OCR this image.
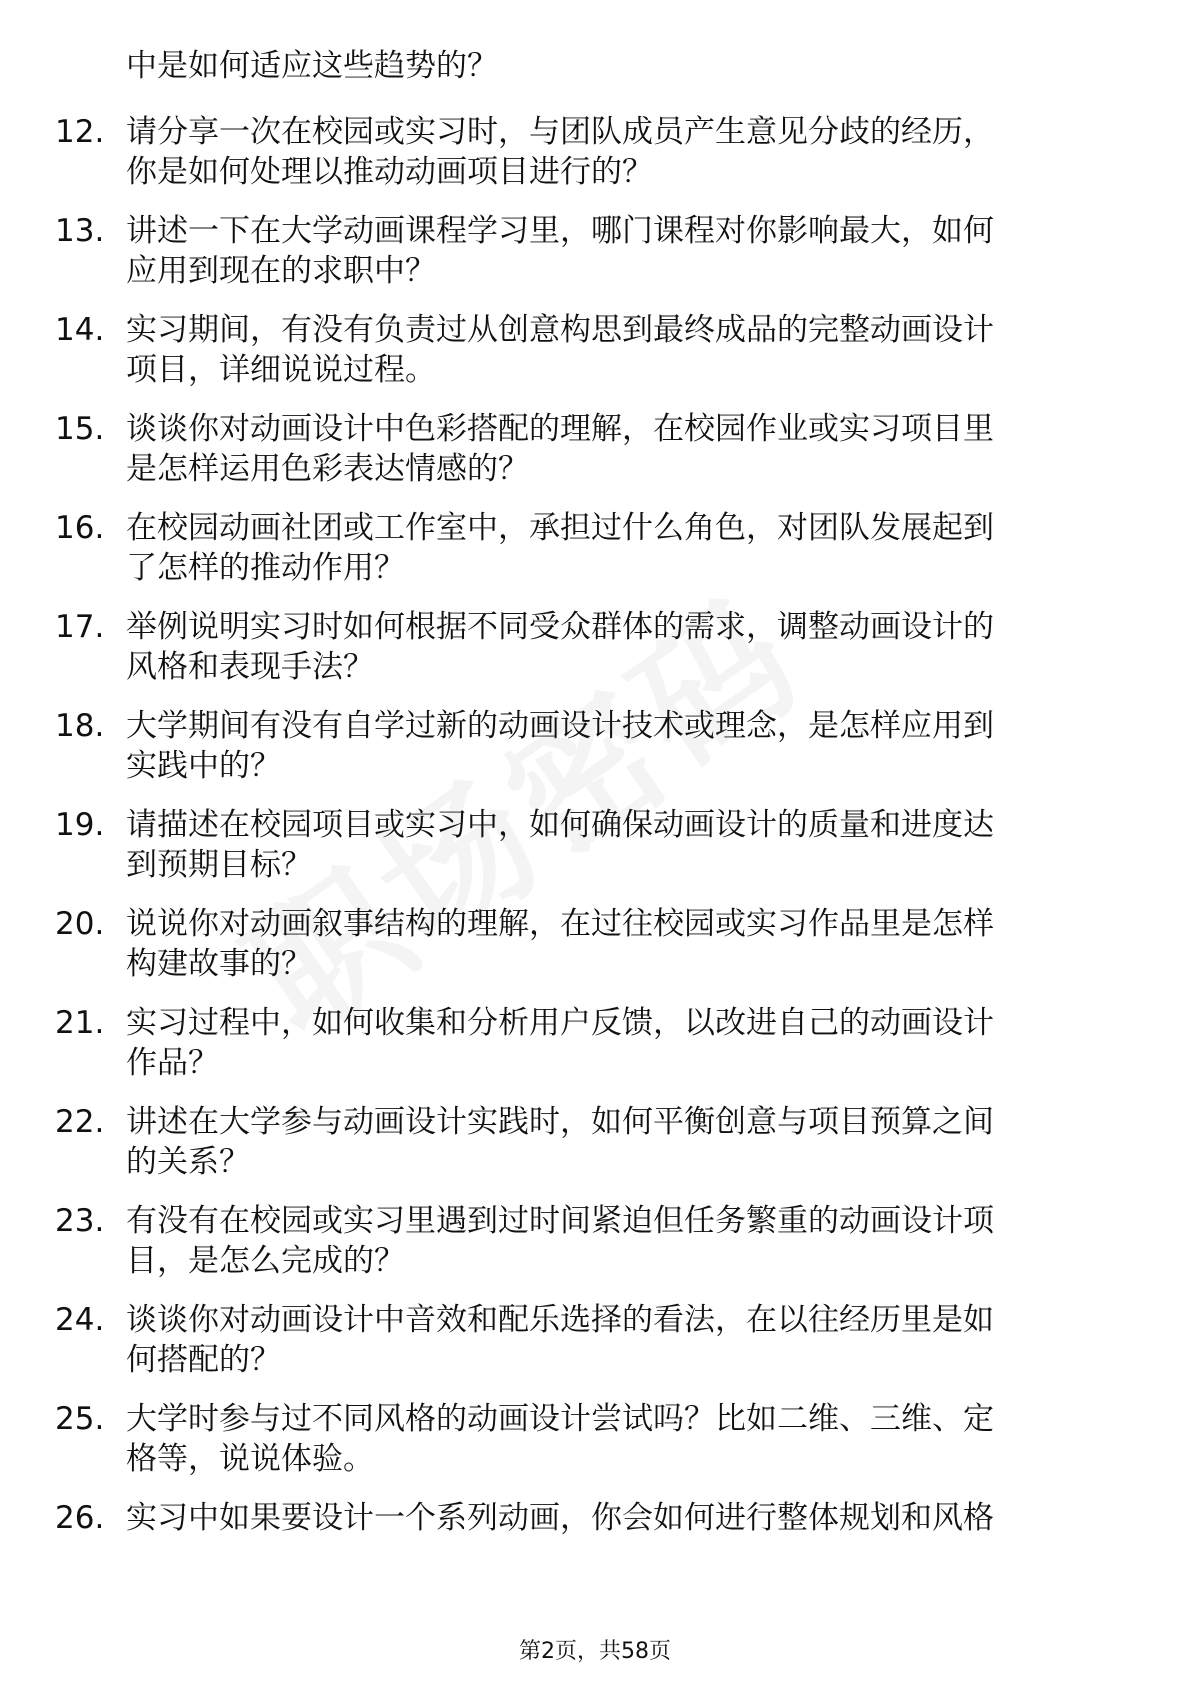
中是如何适应这些趋势的？
12. 请分享一次在校园或实习时，与团队成员产生意见分歧的经历，
你是如何处理以推动动画项目进行的？
13. 讲述一下在大学动画课程学习里，哪门课程对你影响最大，如何
应用到现在的求职中？
14. 实习期间，有没有负责过从创意构思到最终成品的完整动画设计
项目，详细说说过程。
15. 谈谈你对动画设计中色彩搭配的理解，在校园作业或实习项目里
是怎样运用色彩表达情感的？
16. 在校园动画社团或工作室中，承担过什么角色，对团队发展起到
了怎样的推动作用？
17. 举例说明实习时如何根据不同受众群体的需求，调整动画设计的
风格和表现手法？
18. 大学期间有没有自学过新的动画设计技术或理念，是怎样应用到
实践中的？
19. 请描述在校园项目或实习中，如何确保动画设计的质量和进度达
到预期目标？
20. 说说你对动画叙事结构的理解，在过往校园或实习作品里是怎样
构建故事的？
21. 实习过程中，如何收集和分析用户反馈，以改进自己的动画设计
作品？
22. 讲述在大学参与动画设计实践时，如何平衡创意与项目预算之间
的关系？
23. 有没有在校园或实习里遇到过时间紧迫但任务繁重的动画设计项
目，是怎么完成的？
24. 谈谈你对动画设计中音效和配乐选择的看法，在以往经历里是如
何搭配的？
25. 大学时参与过不同风格的动画设计尝试吗？比如二维、三维、定
格等，说说体验。
26. 实习中如果要设计一个系列动画，你会如何进行整体规划和风格
第2页，共58页
